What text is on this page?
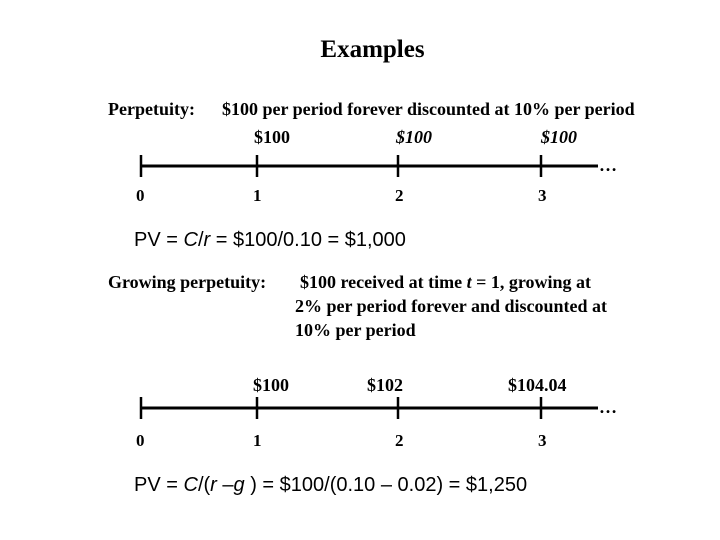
Examples
Perpetuity: $100 per period forever discounted at 10% per period
$100	$100	$100
…
0	1	2	3
PV = C/r = $100/0.10 = $1,000
Growing perpetuity: $100 received at time t = 1, growing at
2% per period forever and discounted at
10% per period
$100	$102	$104.04
…
0	1	2	3
PV = C/(r –g ) = $100/(0.10 – 0.02) = $1,250
